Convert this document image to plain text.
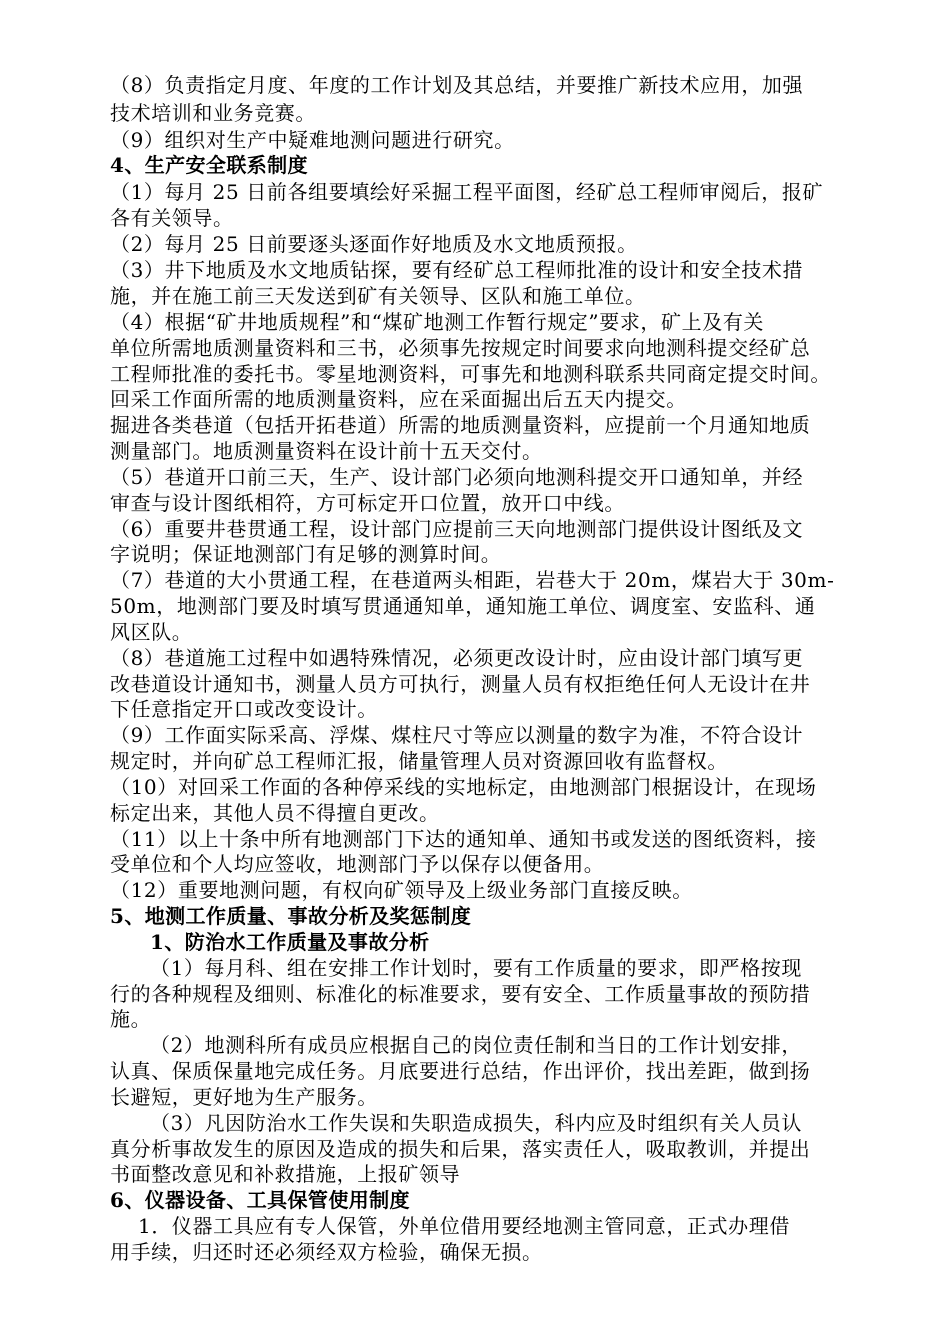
（8）负责指定月度、年度的工作计划及其总结，并要推广新技术应用，加强
技术培训和业务竞赛。
（9）组织对生产中疑难地测问题进行研究。
4、生产安全联系制度
（1）每月 25 日前各组要填绘好采掘工程平面图，经矿总工程师审阅后，报矿
各有关领导。
（2）每月 25 日前要逐头逐面作好地质及水文地质预报。
（3）井下地质及水文地质钻探，要有经矿总工程师批准的设计和安全技术措
施，并在施工前三天发送到矿有关领导、区队和施工单位。
（4）根据“矿井地质规程”和“煤矿地测工作暂行规定”要求，矿上及有关
单位所需地质测量资料和三书，必须事先按规定时间要求向地测科提交经矿总
工程师批准的委托书。零星地测资料，可事先和地测科联系共同商定提交时间。
回采工作面所需的地质测量资料，应在采面掘出后五天内提交。
掘进各类巷道（包括开拓巷道）所需的地质测量资料，应提前一个月通知地质
测量部门。地质测量资料在设计前十五天交付。
（5）巷道开口前三天，生产、设计部门必须向地测科提交开口通知单，并经
审查与设计图纸相符，方可标定开口位置，放开口中线。
（6）重要井巷贯通工程，设计部门应提前三天向地测部门提供设计图纸及文
字说明；保证地测部门有足够的测算时间。
（7）巷道的大小贯通工程，在巷道两头相距，岩巷大于 20m，煤岩大于 30m-
50m，地测部门要及时填写贯通通知单，通知施工单位、调度室、安监科、通
风区队。
（8）巷道施工过程中如遇特殊情况，必须更改设计时，应由设计部门填写更
改巷道设计通知书，测量人员方可执行，测量人员有权拒绝任何人无设计在井
下任意指定开口或改变设计。
（9）工作面实际采高、浮煤、煤柱尺寸等应以测量的数字为准，不符合设计
规定时，并向矿总工程师汇报，储量管理人员对资源回收有监督权。
（10）对回采工作面的各种停采线的实地标定，由地测部门根据设计，在现场
标定出来，其他人员不得擅自更改。
（11）以上十条中所有地测部门下达的通知单、通知书或发送的图纸资料，接
受单位和个人均应签收，地测部门予以保存以便备用。
（12）重要地测问题，有权向矿领导及上级业务部门直接反映。
5、地测工作质量、事故分析及奖惩制度
1、防治水工作质量及事故分析
（1）每月科、组在安排工作计划时，要有工作质量的要求，即严格按现
行的各种规程及细则、标准化的标准要求，要有安全、工作质量事故的预防措
施。
（2）地测科所有成员应根据自己的岗位责任制和当日的工作计划安排，
认真、保质保量地完成任务。月底要进行总结，作出评价，找出差距，做到扬
长避短，更好地为生产服务。
（3）凡因防治水工作失误和失职造成损失，科内应及时组织有关人员认
真分析事故发生的原因及造成的损失和后果，落实责任人，吸取教训，并提出
书面整改意见和补救措施，上报矿领导
6、仪器设备、工具保管使用制度
1．仪器工具应有专人保管，外单位借用要经地测主管同意，正式办理借
用手续，归还时还必须经双方检验，确保无损。
